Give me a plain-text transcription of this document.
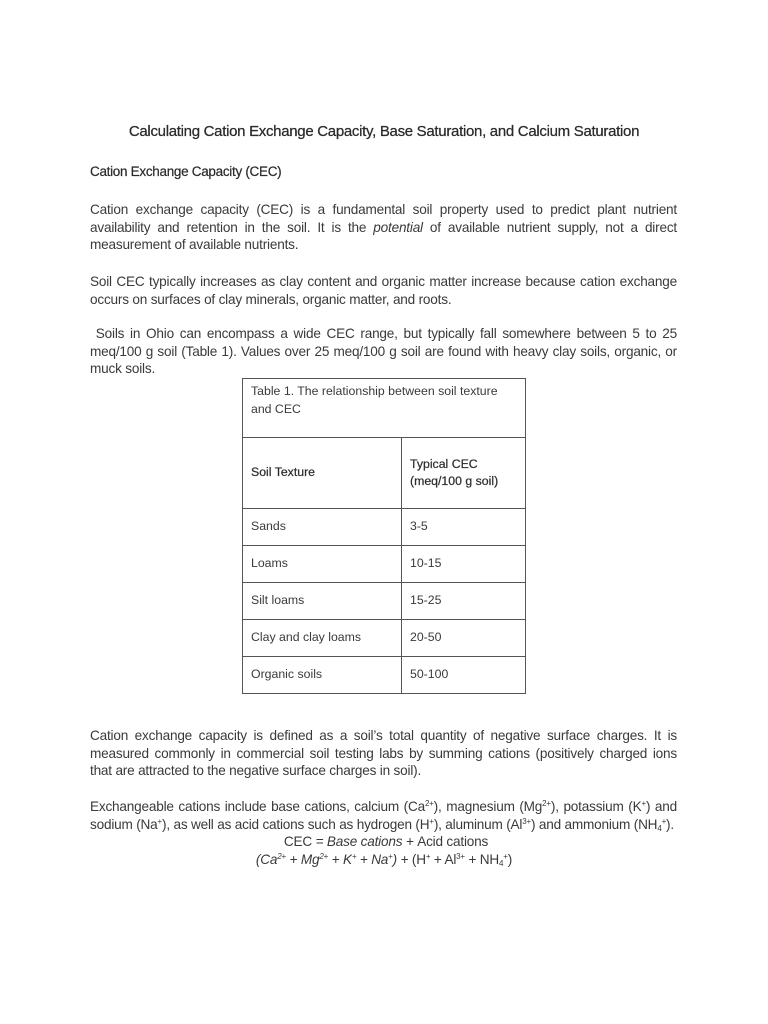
Calculating Cation Exchange Capacity, Base Saturation, and Calcium Saturation
Cation Exchange Capacity (CEC)
Cation exchange capacity (CEC) is a fundamental soil property used to predict plant nutrient availability and retention in the soil. It is the potential of available nutrient supply, not a direct measurement of available nutrients.
Soil CEC typically increases as clay content and organic matter increase because cation exchange occurs on surfaces of clay minerals, organic matter, and roots.
Soils in Ohio can encompass a wide CEC range, but typically fall somewhere between 5 to 25 meq/100 g soil (Table 1). Values over 25 meq/100 g soil are found with heavy clay soils, organic, or muck soils.
Table 1. The relationship between soil texture and CEC	
Soil Texture	Typical CEC (meq/100 g soil)
Sands	3-5
Loams	10-15
Silt loams	15-25
Clay and clay loams	20-50
Organic soils	50-100
Cation exchange capacity is defined as a soil’s total quantity of negative surface charges. It is measured commonly in commercial soil testing labs by summing cations (positively charged ions that are attracted to the negative surface charges in soil).
Exchangeable cations include base cations, calcium $(Ca^{2+})$, magnesium $(Mg^{2+})$, potassium (K+) and sodium (Na+), as well as acid cations such as hydrogen (H+), aluminum $(Al^{3+})$ and ammonium $(NH_4^+)$.
CEC = Base cations + Acid cations
$(Ca^{2+} + Mg^{2+} + K^+ + Na^+) + (H^+ + Al^{3+} + NH_4^+)$
